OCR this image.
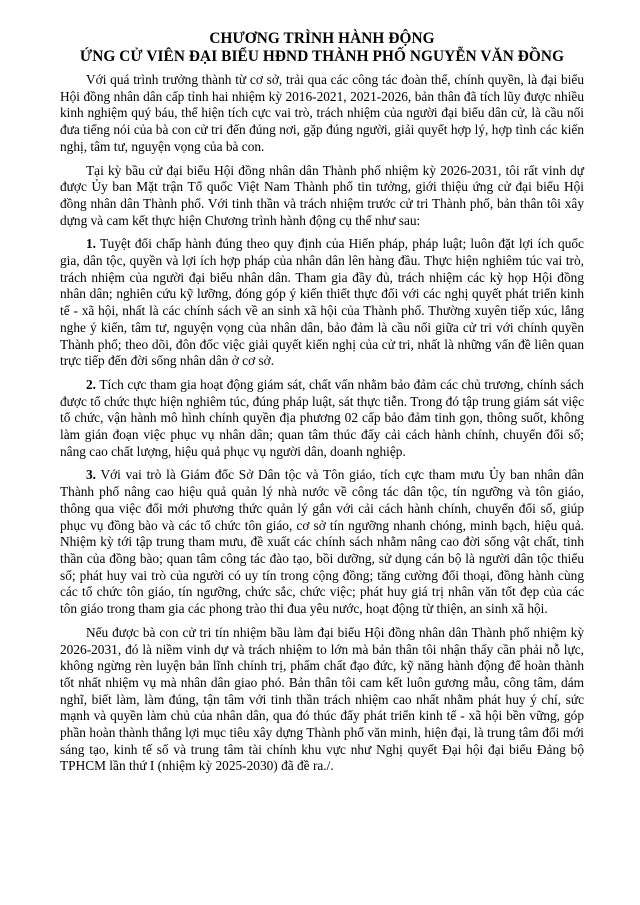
CHƯƠNG TRÌNH HÀNH ĐỘNG
ỨNG CỬ VIÊN ĐẠI BIỂU HĐND THÀNH PHỐ NGUYỄN VĂN ĐỒNG

Với quá trình trưởng thành từ cơ sở, trải qua các công tác đoàn thể, chính quyền, là đại biểu Hội đồng nhân dân cấp tỉnh hai nhiệm kỳ 2016-2021, 2021-2026, bản thân đã tích lũy được nhiều kinh nghiệm quý báu, thể hiện tích cực vai trò, trách nhiệm của người đại biểu dân cử, là cầu nối đưa tiếng nói của bà con cử tri đến đúng nơi, gặp đúng người, giải quyết hợp lý, hợp tình các kiến nghị, tâm tư, nguyện vọng của bà con.

Tại kỳ bầu cử đại biểu Hội đồng nhân dân Thành phố nhiệm kỳ 2026-2031, tôi rất vinh dự được Ủy ban Mặt trận Tổ quốc Việt Nam Thành phố tin tưởng, giới thiệu ứng cử đại biểu Hội đồng nhân dân Thành phố. Với tinh thần và trách nhiệm trước cử tri Thành phố, bản thân tôi xây dựng và cam kết thực hiện Chương trình hành động cụ thể như sau:

1. Tuyệt đối chấp hành đúng theo quy định của Hiến pháp, pháp luật; luôn đặt lợi ích quốc gia, dân tộc, quyền và lợi ích hợp pháp của nhân dân lên hàng đầu. Thực hiện nghiêm túc vai trò, trách nhiệm của người đại biểu nhân dân. Tham gia đầy đủ, trách nhiệm các kỳ họp Hội đồng nhân dân; nghiên cứu kỹ lưỡng, đóng góp ý kiến thiết thực đối với các nghị quyết phát triển kinh tế - xã hội, nhất là các chính sách về an sinh xã hội của Thành phố. Thường xuyên tiếp xúc, lắng nghe ý kiến, tâm tư, nguyện vọng của nhân dân, bảo đảm là cầu nối giữa cử tri với chính quyền Thành phố; theo dõi, đôn đốc việc giải quyết kiến nghị của cử tri, nhất là những vấn đề liên quan trực tiếp đến đời sống nhân dân ở cơ sở.

2. Tích cực tham gia hoạt động giám sát, chất vấn nhằm bảo đảm các chủ trương, chính sách được tổ chức thực hiện nghiêm túc, đúng pháp luật, sát thực tiễn. Trong đó tập trung giám sát việc tổ chức, vận hành mô hình chính quyền địa phương 02 cấp bảo đảm tinh gọn, thông suốt, không làm gián đoạn việc phục vụ nhân dân; quan tâm thúc đẩy cải cách hành chính, chuyển đổi số; nâng cao chất lượng, hiệu quả phục vụ người dân, doanh nghiệp.

3. Với vai trò là Giám đốc Sở Dân tộc và Tôn giáo, tích cực tham mưu Ủy ban nhân dân Thành phố nâng cao hiệu quả quản lý nhà nước về công tác dân tộc, tín ngưỡng và tôn giáo, thông qua việc đổi mới phương thức quản lý gắn với cải cách hành chính, chuyển đổi số, giúp phục vụ đồng bào và các tổ chức tôn giáo, cơ sở tín ngưỡng nhanh chóng, minh bạch, hiệu quả. Nhiệm kỳ tới tập trung tham mưu, đề xuất các chính sách nhằm nâng cao đời sống vật chất, tinh thần của đồng bào; quan tâm công tác đào tạo, bồi dưỡng, sử dụng cán bộ là người dân tộc thiểu số; phát huy vai trò của người có uy tín trong cộng đồng; tăng cường đối thoại, đồng hành cùng các tổ chức tôn giáo, tín ngưỡng, chức sắc, chức việc; phát huy giá trị nhân văn tốt đẹp của các tôn giáo trong tham gia các phong trào thi đua yêu nước, hoạt động từ thiện, an sinh xã hội.

Nếu được bà con cử tri tín nhiệm bầu làm đại biểu Hội đồng nhân dân Thành phố nhiệm kỳ 2026-2031, đó là niềm vinh dự và trách nhiệm to lớn mà bản thân tôi nhận thấy cần phải nỗ lực, không ngừng rèn luyện bản lĩnh chính trị, phẩm chất đạo đức, kỹ năng hành động để hoàn thành tốt nhất nhiệm vụ mà nhân dân giao phó. Bản thân tôi cam kết luôn gương mẫu, công tâm, dám nghĩ, biết làm, làm đúng, tận tâm với tinh thần trách nhiệm cao nhất nhằm phát huy ý chí, sức mạnh và quyền làm chủ của nhân dân, qua đó thúc đẩy phát triển kinh tế - xã hội bền vững, góp phần hoàn thành thắng lợi mục tiêu xây dựng Thành phố văn minh, hiện đại, là trung tâm đổi mới sáng tạo, kinh tế số và trung tâm tài chính khu vực như Nghị quyết Đại hội đại biểu Đảng bộ TPHCM lần thứ I (nhiệm kỳ 2025-2030) đã đề ra./.
